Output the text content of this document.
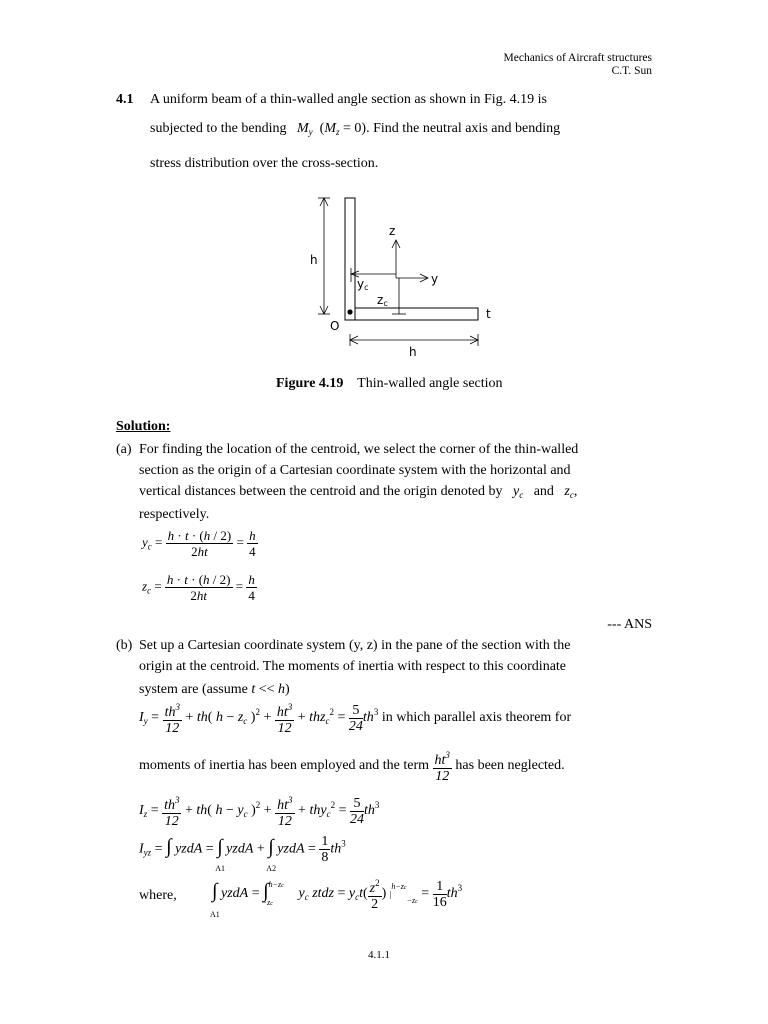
Mechanics of Aircraft structures
C.T. Sun
4.1 A uniform beam of a thin-walled angle section as shown in Fig. 4.19 is
subjected to the bending $M_y$  $(M_z = 0)$. Find the neutral axis and bending
stress distribution over the cross-section.
h
z
y
yc
zc
O
t
h
Figure 4.19 Thin-walled angle section
Solution:
(a) For finding the location of the centroid, we select the corner of the thin-walled
section as the origin of a Cartesian coordinate system with the horizontal and
vertical distances between the centroid and the origin denoted by $y_c$ and $z_c$,
respectively.
$y_c = \frac{h \cdot t \cdot (h / 2)}{2ht} = \frac{h}{4}$
$z_c = \frac{h \cdot t \cdot (h / 2)}{2ht} = \frac{h}{4}$
--- ANS
(b) Set up a Cartesian coordinate system (y, z) in the pane of the section with the
origin at the centroid. The moments of inertia with respect to this coordinate
system are (assume t << h)
$I_y = \frac{th^3}{12} + th$( $h - z_c$ )$^2 + \frac{ht^3}{12} + thz_c^2 = \frac{5}{24} th^3$ in which parallel axis theorem for
moments of inertia has been employed and the term $\frac{ht^3}{12}$ has been neglected.
$I_z = \frac{th^3}{12} + th$( $h - y_c$ )$^2 + \frac{ht^3}{12} + thy_c^2 = \frac{5}{24} th^3$
$I_{yz}$ = ∫ yzdA = ∫
A1
yzdA + ∫
A2
yzdA = $\frac{1}{8} th^3$
where, ∫
A1
yzdA = ∫$^{h-zc}_{-zc}$ $y_c$ ztdz = $y_ct( \frac{z^2}{2}$ ) $|h-zc-zc = \frac{1}{16} th^3$
4.1.1
